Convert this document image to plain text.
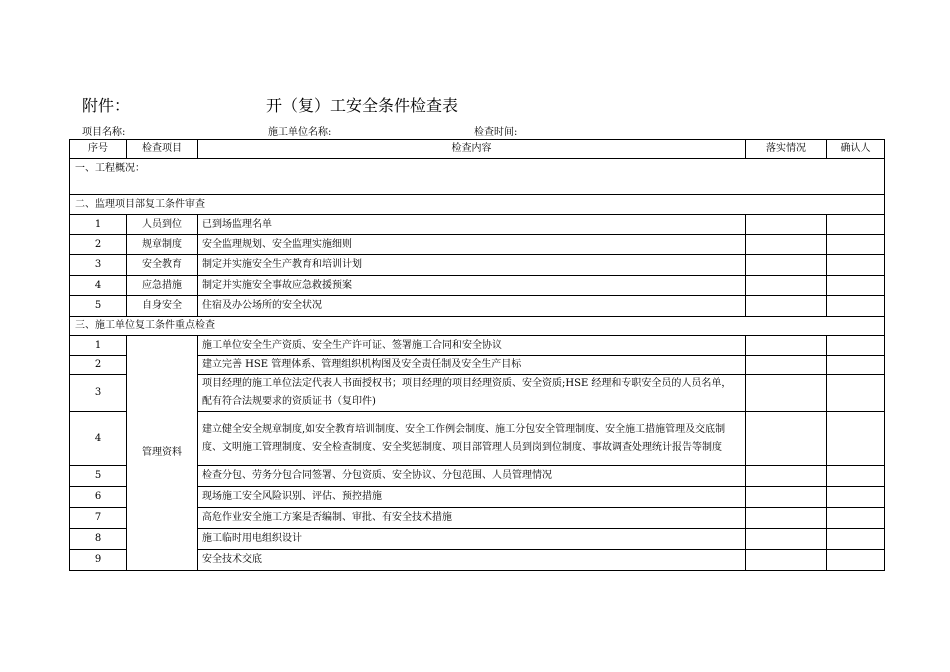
附件：	开（复）工安全条件检查表
项目名称:	施工单位名称:	检查时间:
序号	检查项目	检查内容	落实情况	确认人
一、工程概况：				
二、监理项目部复工条件审查				
1	人员到位	已到场监理名单		
2	规章制度	安全监理规划、安全监理实施细则		
3	安全教育	制定并实施安全生产教育和培训计划		
4	应急措施	制定并实施安全事故应急救援预案		
5	自身安全	住宿及办公场所的安全状况		
三、施工单位复工条件重点检查				
1	管理资料	施工单位安全生产资质、安全生产许可证、签署施工合同和安全协议		
2		建立完善 HSE 管理体系、管理组织机构图及安全责任制及安全生产目标		
3		项目经理的施工单位法定代表人书面授权书；项目经理的项目经理资质、安全资质;HSE 经理和专职安全员的人员名单，配有符合法规要求的资质证书（复印件)		
4		建立健全安全规章制度,如安全教育培训制度、安全工作例会制度、施工分包安全管理制度、安全施工措施管理及交底制度、文明施工管理制度、安全检查制度、安全奖惩制度、项目部管理人员到岗到位制度、事故调查处理统计报告等制度		
5		检查分包、劳务分包合同签署、分包资质、安全协议、分包范围、人员管理情况		
6		现场施工安全风险识别、评估、预控措施		
7		高危作业安全施工方案是否编制、审批、有安全技术措施		
8		施工临时用电组织设计		
9		安全技术交底		
